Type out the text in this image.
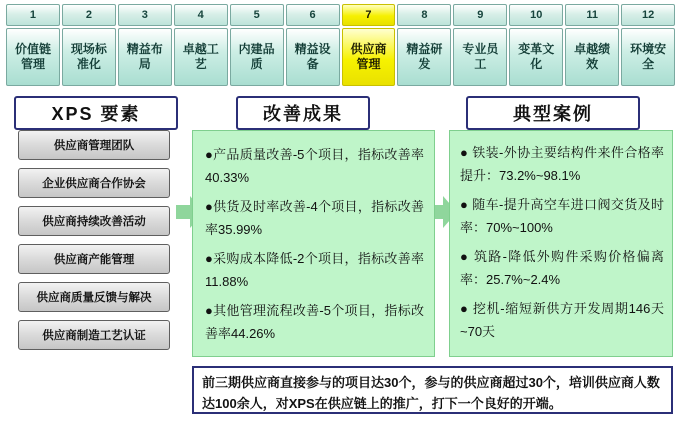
1
价值链管理
2
现场标准化
3
精益布局
4
卓越工艺
5
内建品质
6
精益设备
7
供应商管理
8
精益研发
9
专业员工
10
变革文化
11
卓越绩效
12
环境安全
XPS 要素	改善成果	典型案例
供应商管理团队
企业供应商合作协会
供应商持续改善活动
供应商产能管理
供应商质量反馈与解决
供应商制造工艺认证
●产品质量改善-5个项目，指标改善率40.33%
●供货及时率改善-4个项目，指标改善率35.99%
●采购成本降低-2个项目，指标改善率11.88%
●其他管理流程改善-5个项目，指标改善率44.26%
● 铁装-外协主要结构件来件合格率提升：73.2%~98.1%
● 随车-提升高空车进口阀交货及时率：70%~100%
● 筑路-降低外购件采购价格偏离率：25.7%~2.4%
● 挖机-缩短新供方开发周期146天~70天
前三期供应商直接参与的项目达30个，参与的供应商超过30个，培训供应商人数达100余人，对XPS在供应链上的推广，打下一个良好的开端。
